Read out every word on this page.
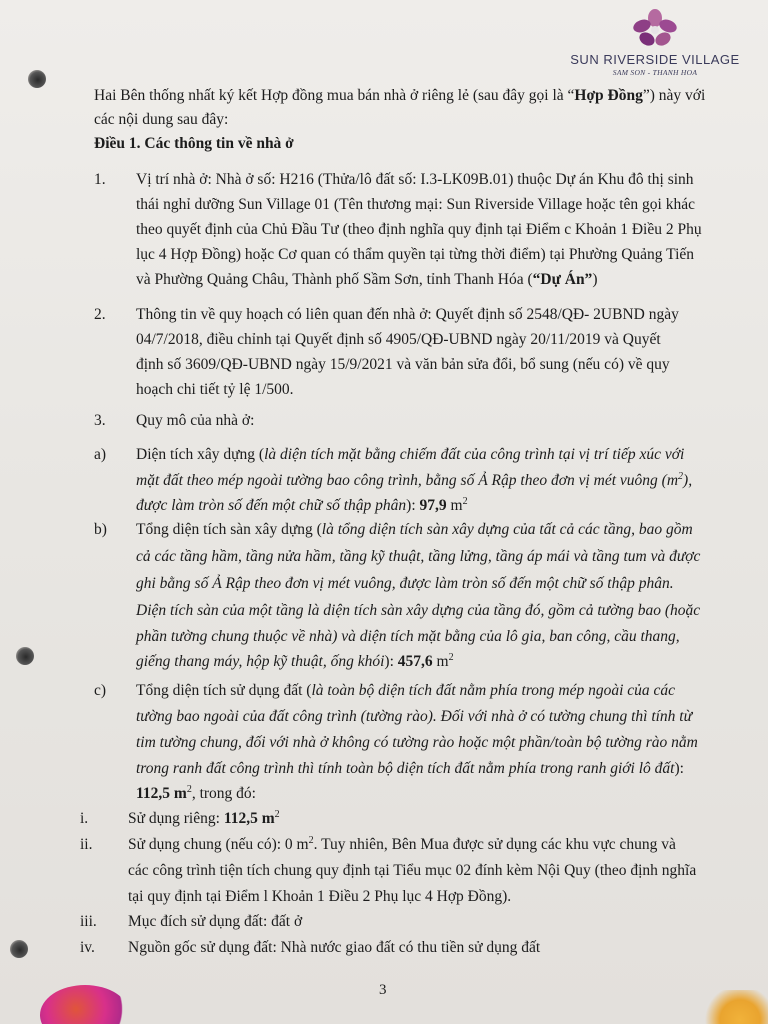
SUN RIVERSIDE VILLAGE
SAM SON - THANH HOA

Hai Bên thống nhất ký kết Hợp đồng mua bán nhà ở riêng lẻ (sau đây gọi là “Hợp Đồng”) này với
các nội dung sau đây:
Điều 1. Các thông tin về nhà ở
1. Vị trí nhà ở: Nhà ở số: H216 (Thửa/lô đất số: I.3-LK09B.01) thuộc Dự án Khu đô thị sinh
thái nghỉ dưỡng Sun Village 01 (Tên thương mại: Sun Riverside Village hoặc tên gọi khác
theo quyết định của Chủ Đầu Tư (theo định nghĩa quy định tại Điểm c Khoản 1 Điều 2 Phụ
lục 4 Hợp Đồng) hoặc Cơ quan có thẩm quyền tại từng thời điểm) tại Phường Quảng Tiến
và Phường Quảng Châu, Thành phố Sầm Sơn, tỉnh Thanh Hóa (“Dự Án”)
2. Thông tin về quy hoạch có liên quan đến nhà ở: Quyết định số 2548/QĐ- 2UBND ngày
04/7/2018, điều chỉnh tại Quyết định số 4905/QĐ-UBND ngày 20/11/2019 và Quyết
định số 3609/QĐ-UBND ngày 15/9/2021 và văn bản sửa đổi, bổ sung (nếu có) về quy
hoạch chi tiết tỷ lệ 1/500.
3. Quy mô của nhà ở:
a) Diện tích xây dựng (là diện tích mặt bằng chiếm đất của công trình tại vị trí tiếp xúc với
mặt đất theo mép ngoài tường bao công trình, bằng số Ả Rập theo đơn vị mét vuông $(m^2)$,
được làm tròn số đến một chữ số thập phân): 97,9 $m^2$
b) Tổng diện tích sàn xây dựng (là tổng diện tích sàn xây dựng của tất cả các tầng, bao gồm
cả các tầng hầm, tầng nửa hầm, tầng kỹ thuật, tầng lửng, tầng áp mái và tầng tum và được
ghi bằng số Ả Rập theo đơn vị mét vuông, được làm tròn số đến một chữ số thập phân.
Diện tích sàn của một tầng là diện tích sàn xây dựng của tầng đó, gồm cả tường bao (hoặc
phần tường chung thuộc về nhà) và diện tích mặt bằng của lô gia, ban công, cầu thang,
giếng thang máy, hộp kỹ thuật, ống khói): 457,6 $m^2$
c) Tổng diện tích sử dụng đất (là toàn bộ diện tích đất nằm phía trong mép ngoài của các
tường bao ngoài của đất công trình (tường rào). Đối với nhà ở có tường chung thì tính từ
tim tường chung, đối với nhà ở không có tường rào hoặc một phần/toàn bộ tường rào nằm
trong ranh đất công trình thì tính toàn bộ diện tích đất nằm phía trong ranh giới lô đất):
112,5 $m^2$, trong đó:
i.	Sử dụng riêng: 112,5 $m^2$
ii. Sử dụng chung (nếu có): 0 $m^2$. Tuy nhiên, Bên Mua được sử dụng các khu vực chung và
các công trình tiện tích chung quy định tại Tiểu mục 02 đính kèm Nội Quy (theo định nghĩa
tại quy định tại Điểm l Khoản 1 Điều 2 Phụ lục 4 Hợp Đồng).
iii. Mục đích sử dụng đất: đất ở
iv. Nguồn gốc sử dụng đất: Nhà nước giao đất có thu tiền sử dụng đất
3
